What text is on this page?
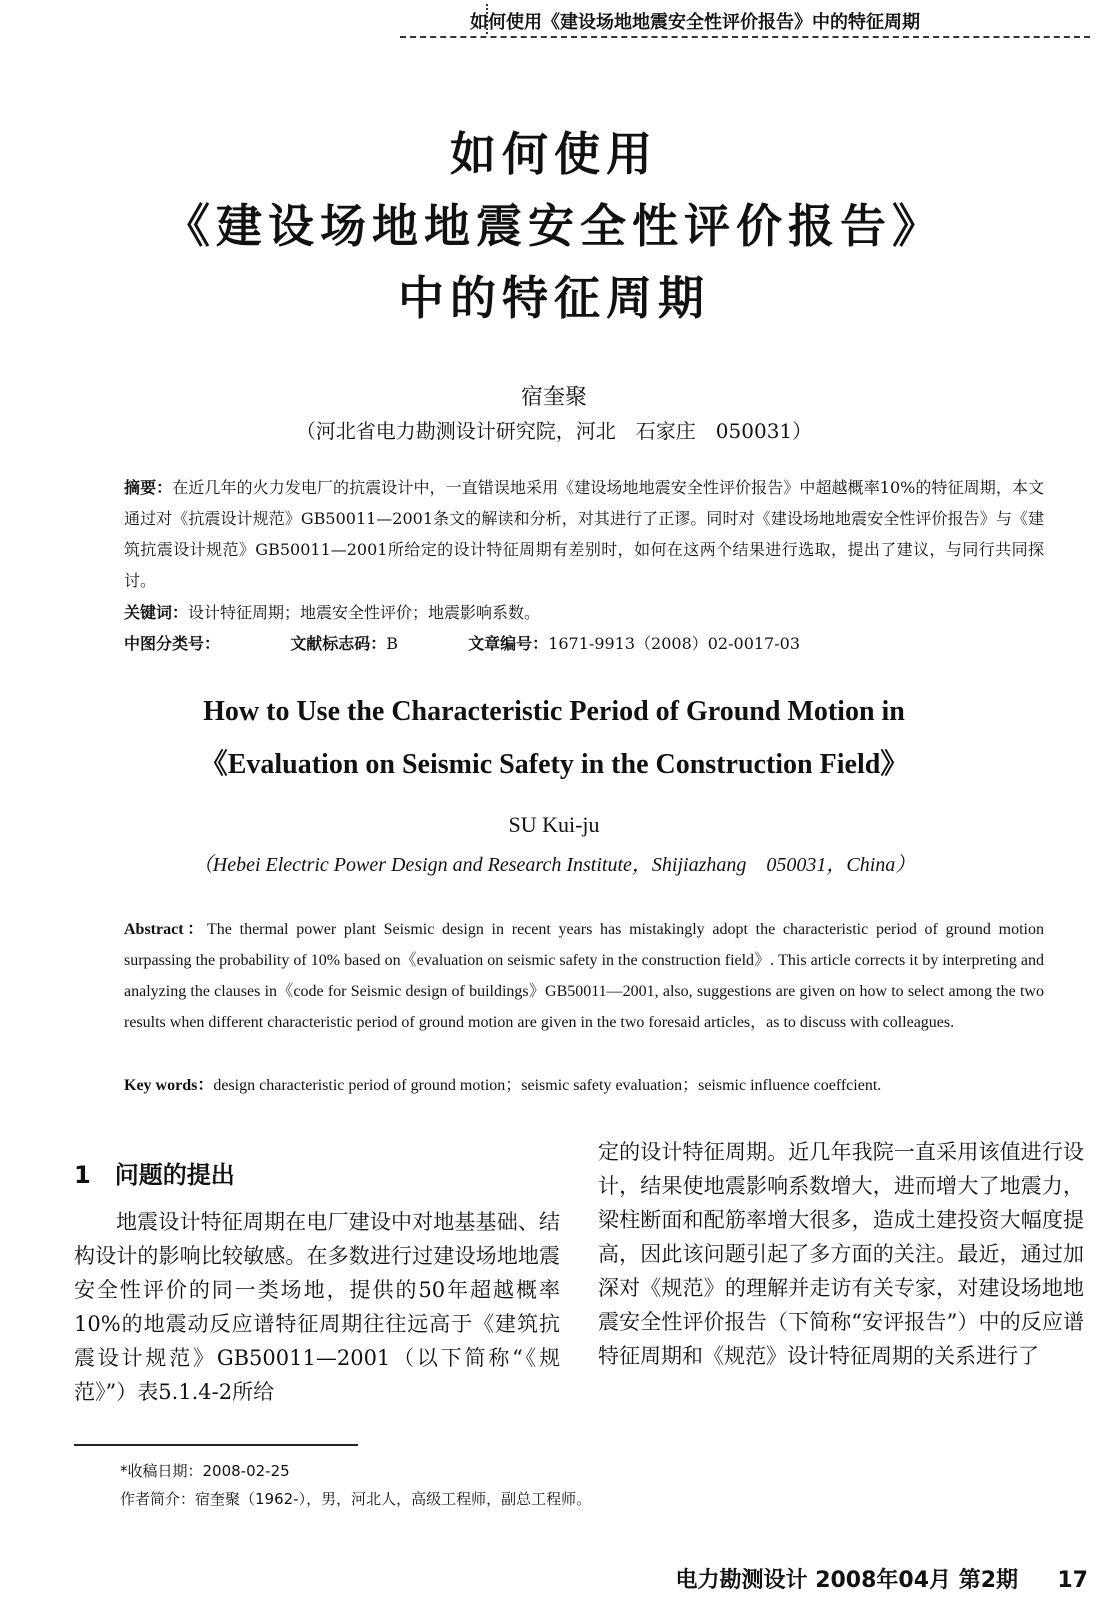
如何使用《建设场地地震安全性评价报告》中的特征周期
如何使用
《建设场地地震安全性评价报告》
中的特征周期
宿奎聚
（河北省电力勘测设计研究院，河北　石家庄　050031）
摘要：在近几年的火力发电厂的抗震设计中，一直错误地采用《建设场地地震安全性评价报告》中超越概率10%的特征周期，本文通过对《抗震设计规范》GB50011—2001条文的解读和分析，对其进行了正谬。同时对《建设场地地震安全性评价报告》与《建筑抗震设计规范》GB50011—2001所给定的设计特征周期有差别时，如何在这两个结果进行选取，提出了建议，与同行共同探讨。
关键词：设计特征周期；地震安全性评价；地震影响系数。
中图分类号：	文献标志码：B	文章编号：1671-9913（2008）02-0017-03
How to Use the Characteristic Period of Ground Motion in
《Evaluation on Seismic Safety in the Construction Field》
SU Kui-ju
（Hebei Electric Power Design and Research Institute，Shijiazhang　050031，China）
Abstract：The thermal power plant Seismic design in recent years has mistakingly adopt the characteristic period of ground motion surpassing the probability of 10% based on《evaluation on seismic safety in the construction field》. This article corrects it by interpreting and analyzing the clauses in《code for Seismic design of buildings》GB50011—2001, also, suggestions are given on how to select among the two results when different characteristic period of ground motion are given in the two foresaid articles，as to discuss with colleagues.
Key words：design characteristic period of ground motion；seismic safety evaluation；seismic influence coeffcient.
1　问题的提出
地震设计特征周期在电厂建设中对地基基础、结构设计的影响比较敏感。在多数进行过建设场地地震安全性评价的同一类场地，提供的50年超越概率10%的地震动反应谱特征周期往往远高于《建筑抗震设计规范》GB50011—2001（以下简称“《规范》”）表5.1.4-2所给
定的设计特征周期。近几年我院一直采用该值进行设计，结果使地震影响系数增大，进而增大了地震力，梁柱断面和配筋率增大很多，造成土建投资大幅度提高，因此该问题引起了多方面的关注。最近，通过加深对《规范》的理解并走访有关专家，对建设场地地震安全性评价报告（下简称“安评报告”）中的反应谱特征周期和《规范》设计特征周期的关系进行了
*收稿日期：2008-02-25
作者简介：宿奎聚（1962-），男，河北人，高级工程师，副总工程师。
电力勘测设计 2008年04月 第2期 17
